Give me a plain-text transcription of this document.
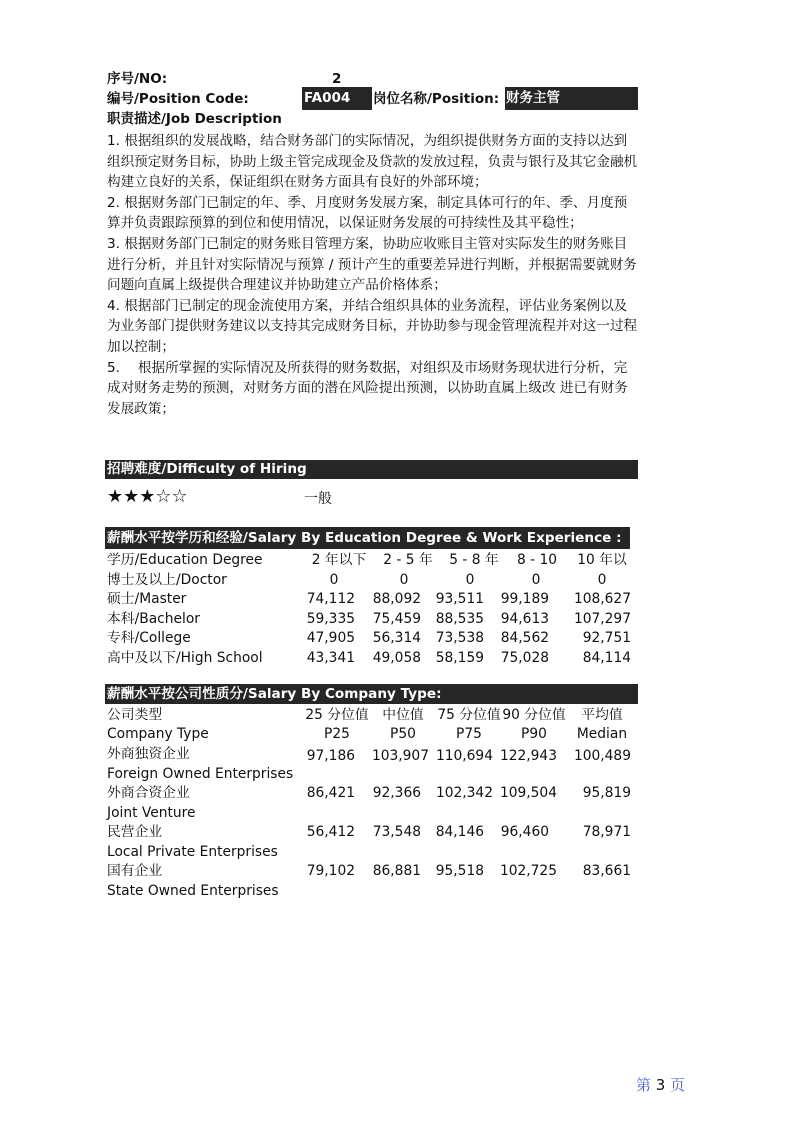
序号/NO:	2
编号/Position Code:	FA004	岗位名称/Position: 财务主管
职责描述/Job Description

1. 根据组织的发展战略，结合财务部门的实际情况，为组织提供财务方面的支持以达到组织预定财务目标，协助上级主管完成现金及贷款的发放过程，负责与银行及其它金融机构建立良好的关系，保证组织在财务方面具有良好的外部环境；

2. 根据财务部门已制定的年、季、月度财务发展方案，制定具体可行的年、季、月度预算并负责跟踪预算的到位和使用情况，以保证财务发展的可持续性及其平稳性；

3. 根据财务部门已制定的财务账目管理方案，协助应收账目主管对实际发生的财务账目进行分析，并且针对实际情况与预算 / 预计产生的重要差异进行判断，并根据需要就财务问题向直属上级提供合理建议并协助建立产品价格体系；

4. 根据部门已制定的现金流使用方案，并结合组织具体的业务流程，评估业务案例以及为业务部门提供财务建议以支持其完成财务目标，并协助参与现金管理流程并对这一过程加以控制；

5.　 根据所掌握的实际情况及所获得的财务数据，对组织及市场财务现状进行分析，完成对财务走势的预测，对财务方面的潜在风险提出预测，以协助直属上级改 进已有财务发展政策；

招聘难度/Difficulty of Hiring
★★★☆☆	一般
薪酬水平按学历和经验/Salary By Education Degree & Work Experience :
学历/Education Degree	2 年以下	2 - 5 年	5 - 8 年	8 - 10	10 年以
博士及以上/Doctor	0	0	0	0	0
硕士/Master	74,112 88,092 93,511	99,189	108,627
本科/Bachelor	59,335 75,459 88,535	94,613	107,297
专科/College	47,905 56,314 73,538	84,562	92,751
高中及以下/High School	43,341 49,058 58,159	75,028	84,114
薪酬水平按公司性质分/Salary By Company Type:
公司类型	25 分位值 中位值 75 分位值 90 分位值	平均值
Company Type	P25	P50	P75	P90	Median
外商独资企业	97,186 103,907 110,694 122,943	100,489
Foreign Owned Enterprises
外商合资企业	86,421 92,366 102,342 109,504	95,819
Joint Venture
民营企业	56,412 73,548 84,146	96,460	78,971
Local Private Enterprises
国有企业	79,102 86,881 95,518 102,725	83,661
State Owned Enterprises
第 3 页
